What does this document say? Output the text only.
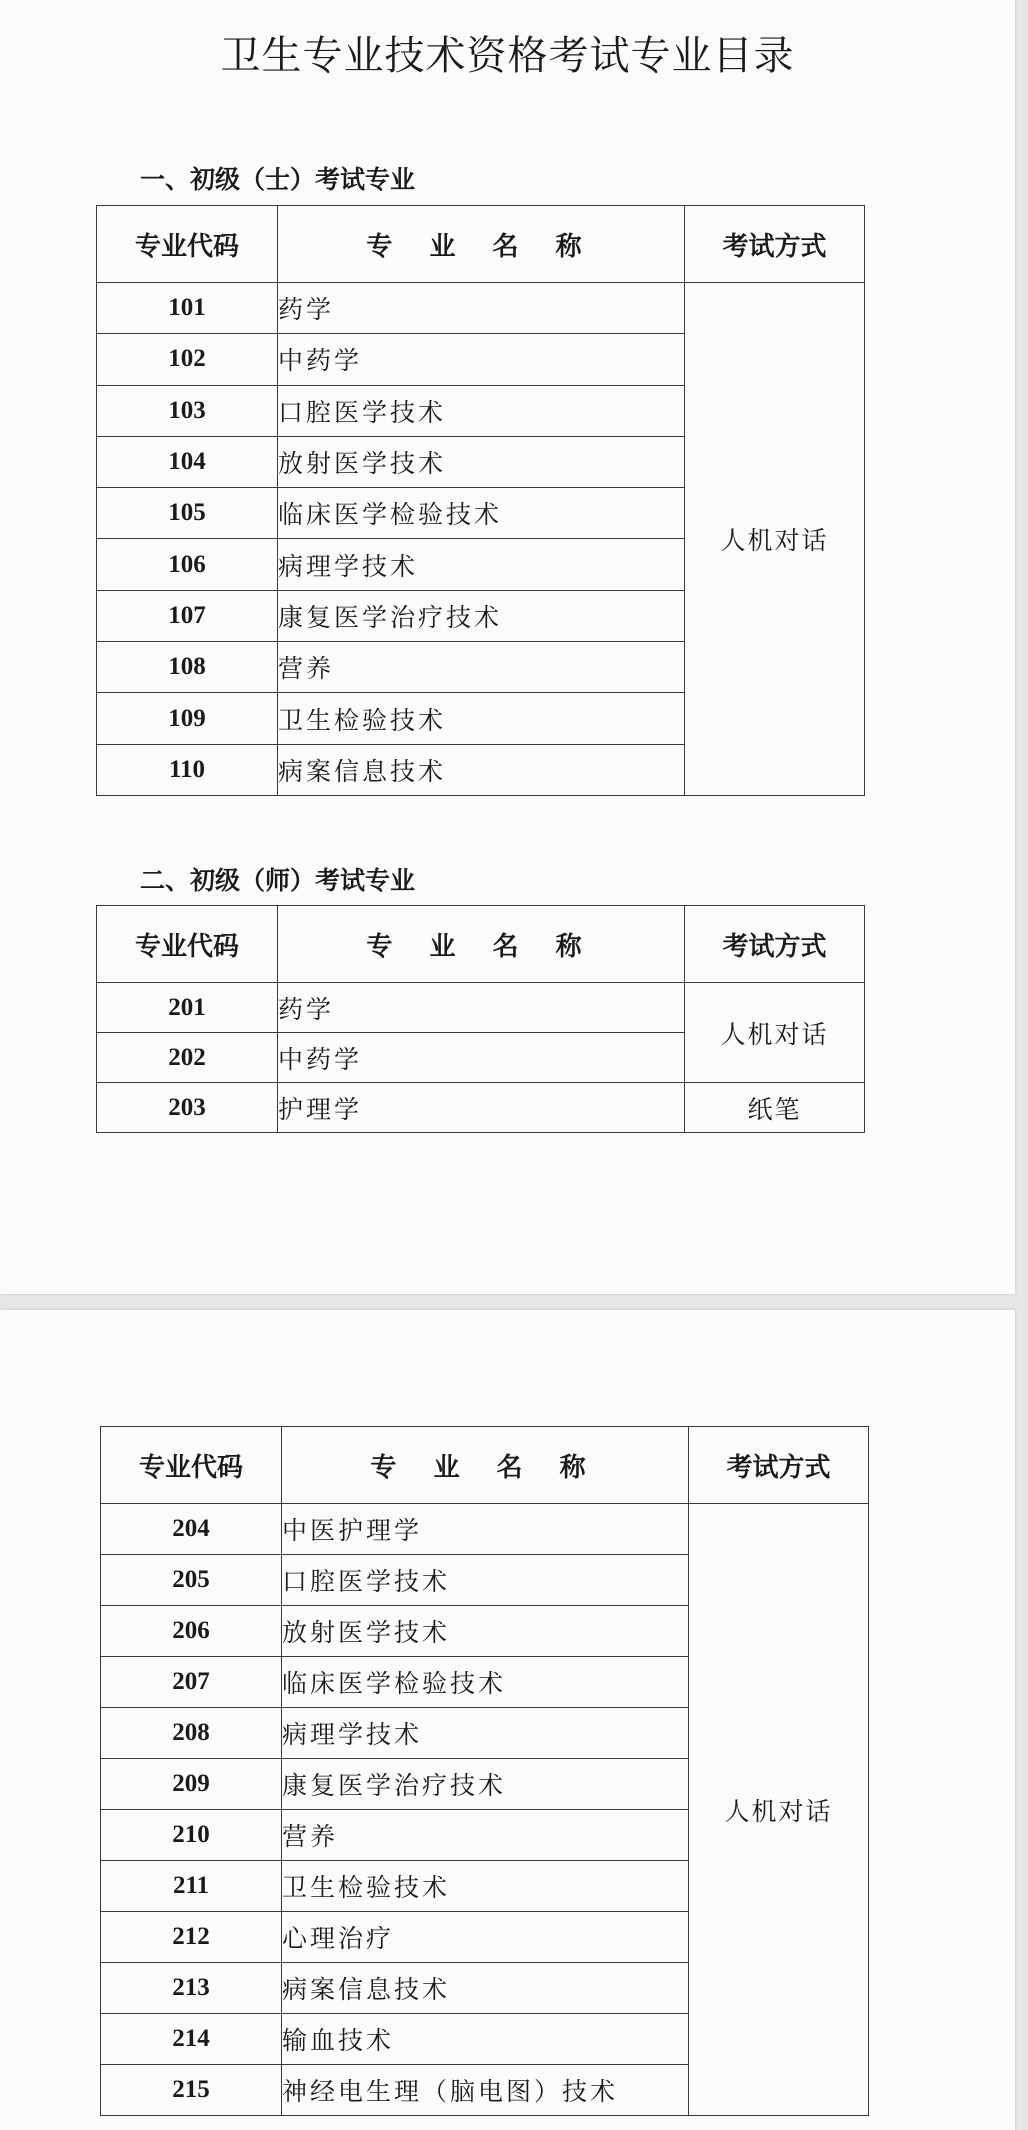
卫生专业技术资格考试专业目录
一、初级（士）考试专业
专业代码	专 业 名 称	考试方式
101	药学	人机对话
102	中药学	
103	口腔医学技术	
104	放射医学技术	
105	临床医学检验技术	
106	病理学技术	
107	康复医学治疗技术	
108	营养	
109	卫生检验技术	
110	病案信息技术	
二、初级（师）考试专业
专业代码	专 业 名 称	考试方式
201	药学	人机对话
202	中药学	
203	护理学	纸笔
专业代码	专 业 名 称	考试方式
204	中医护理学	人机对话
205	口腔医学技术	
206	放射医学技术	
207	临床医学检验技术	
208	病理学技术	
209	康复医学治疗技术	
210	营养	
211	卫生检验技术	
212	心理治疗	
213	病案信息技术	
214	输血技术	
215	神经电生理（脑电图）技术	
